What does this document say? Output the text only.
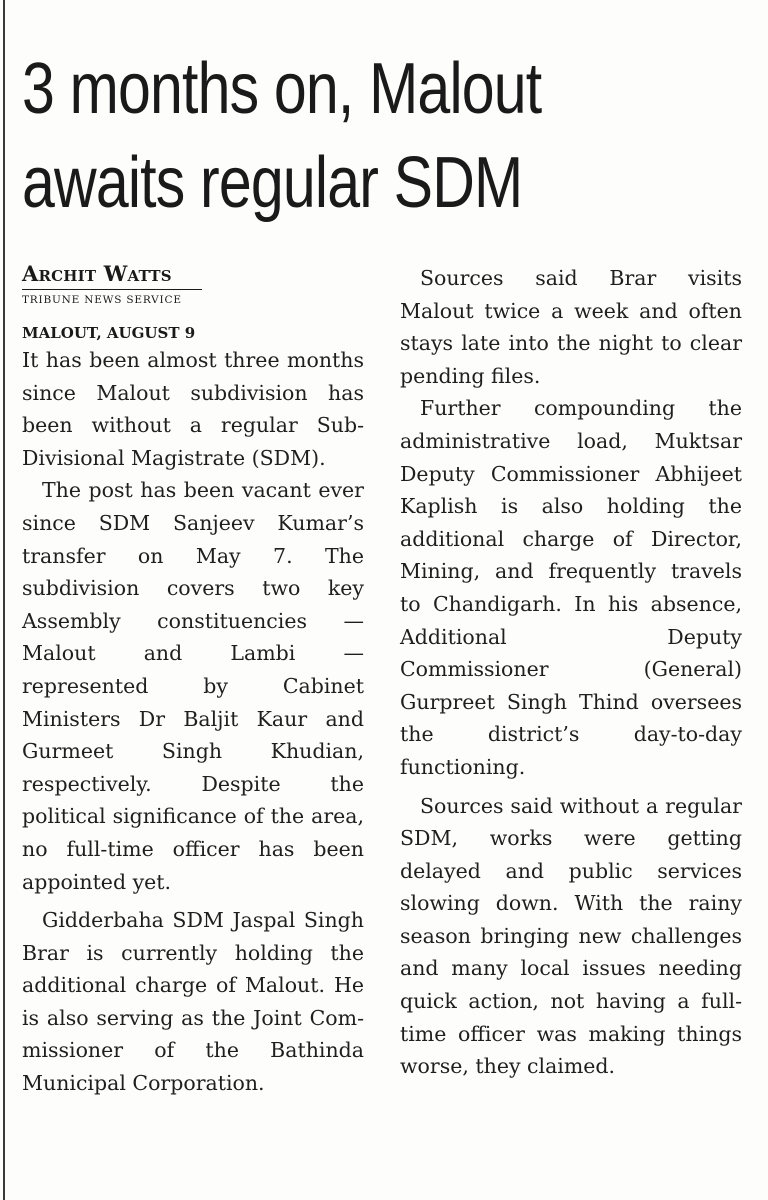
3 months on, Malout
awaits regular SDM
Archit Watts
TRIBUNE NEWS SERVICE
MALOUT, AUGUST 9

It has been almost three months since Malout subdivision has been without a regular Sub-Divisional Magistrate (SDM).

The post has been vacant ever since SDM Sanjeev Kumar’s transfer on May 7. The subdivision covers two key Assembly constituencies — Malout and Lambi — represented by Cabinet Ministers Dr Baljit Kaur and Gurmeet Singh Khudian, respectively. Despite the political significance of the area, no full-time officer has been appointed yet.

Gidderbaha SDM Jaspal Singh Brar is currently holding the additional charge of Malout. He is also serving as the Joint Commissioner of the Bathinda Municipal Corporation.

Sources said Brar visits Malout twice a week and often stays late into the night to clear pending files.

Further compounding the administrative load, Muktsar Deputy Commissioner Abhijeet Kaplish is also holding the additional charge of Director, Mining, and frequently travels to Chandigarh. In his absence, Additional Deputy Commissioner (General) Gurpreet Singh Thind oversees the district’s day-to-day functioning.

Sources said without a regular SDM, works were getting delayed and public services slowing down. With the rainy season bringing new challenges and many local issues needing quick action, not having a full-time officer was making things worse, they claimed.
